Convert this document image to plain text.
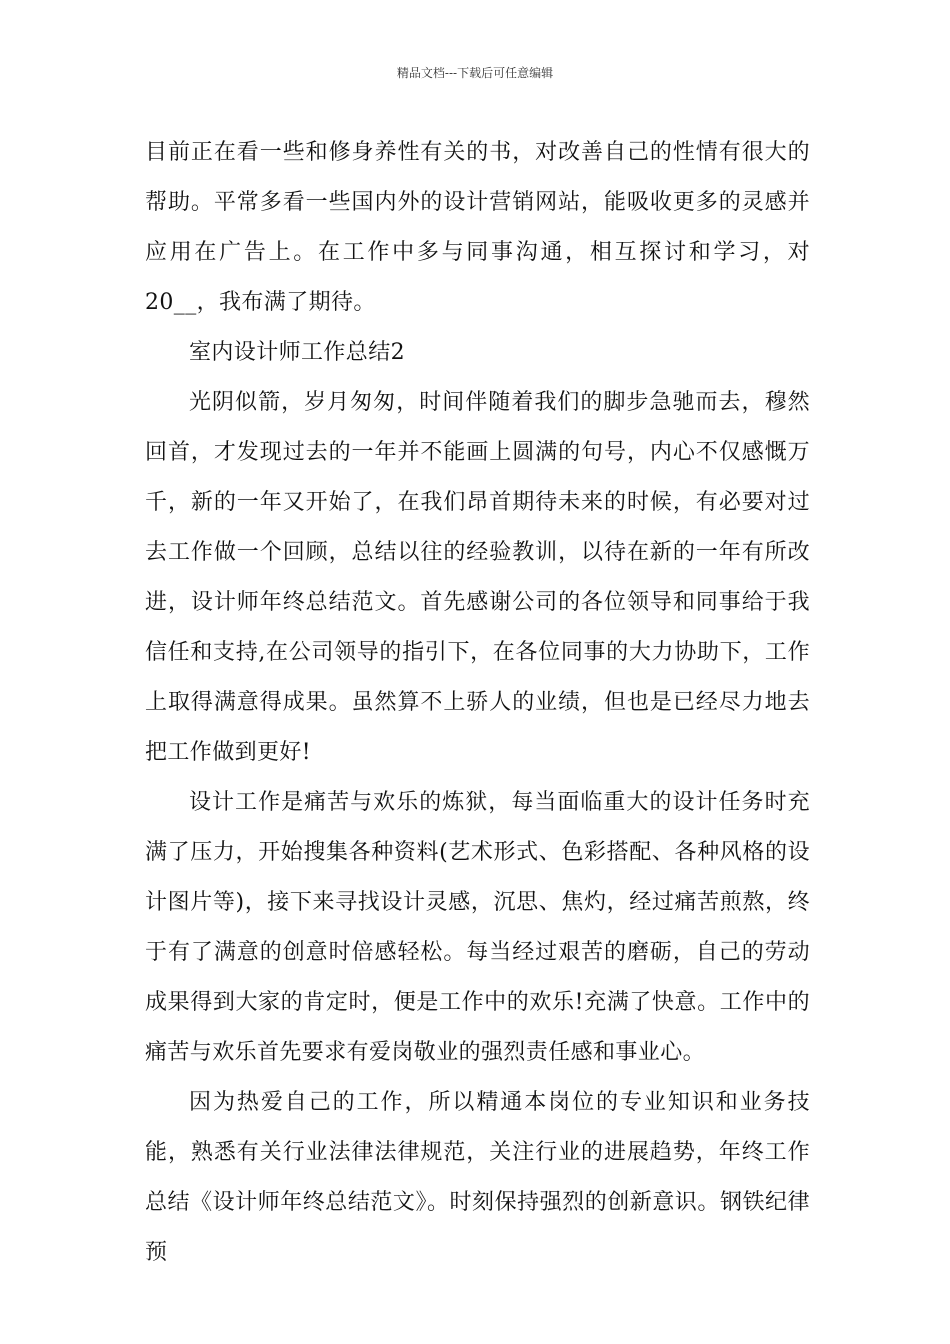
精品文档---下载后可任意编辑

目前正在看一些和修身养性有关的书，对改善自己的性情有很大的帮助。平常多看一些国内外的设计营销网站，能吸收更多的灵感并应用在广告上。在工作中多与同事沟通，相互探讨和学习，对20__，我布满了期待。

室内设计师工作总结2

光阴似箭，岁月匆匆，时间伴随着我们的脚步急驰而去，穆然回首，才发现过去的一年并不能画上圆满的句号，内心不仅感慨万千，新的一年又开始了，在我们昂首期待未来的时候，有必要对过去工作做一个回顾，总结以往的经验教训，以待在新的一年有所改进，设计师年终总结范文。首先感谢公司的各位领导和同事给于我信任和支持,在公司领导的指引下，在各位同事的大力协助下，工作上取得满意得成果。虽然算不上骄人的业绩，但也是已经尽力地去把工作做到更好!

设计工作是痛苦与欢乐的炼狱，每当面临重大的设计任务时充满了压力，开始搜集各种资料(艺术形式、色彩搭配、各种风格的设计图片等)，接下来寻找设计灵感，沉思、焦灼，经过痛苦煎熬，终于有了满意的创意时倍感轻松。每当经过艰苦的磨砺，自己的劳动成果得到大家的肯定时，便是工作中的欢乐!充满了快意。工作中的痛苦与欢乐首先要求有爱岗敬业的强烈责任感和事业心。

因为热爱自己的工作，所以精通本岗位的专业知识和业务技能，熟悉有关行业法律法律规范，关注行业的进展趋势，年终工作总结《设计师年终总结范文》。时刻保持强烈的创新意识。钢铁纪律预
